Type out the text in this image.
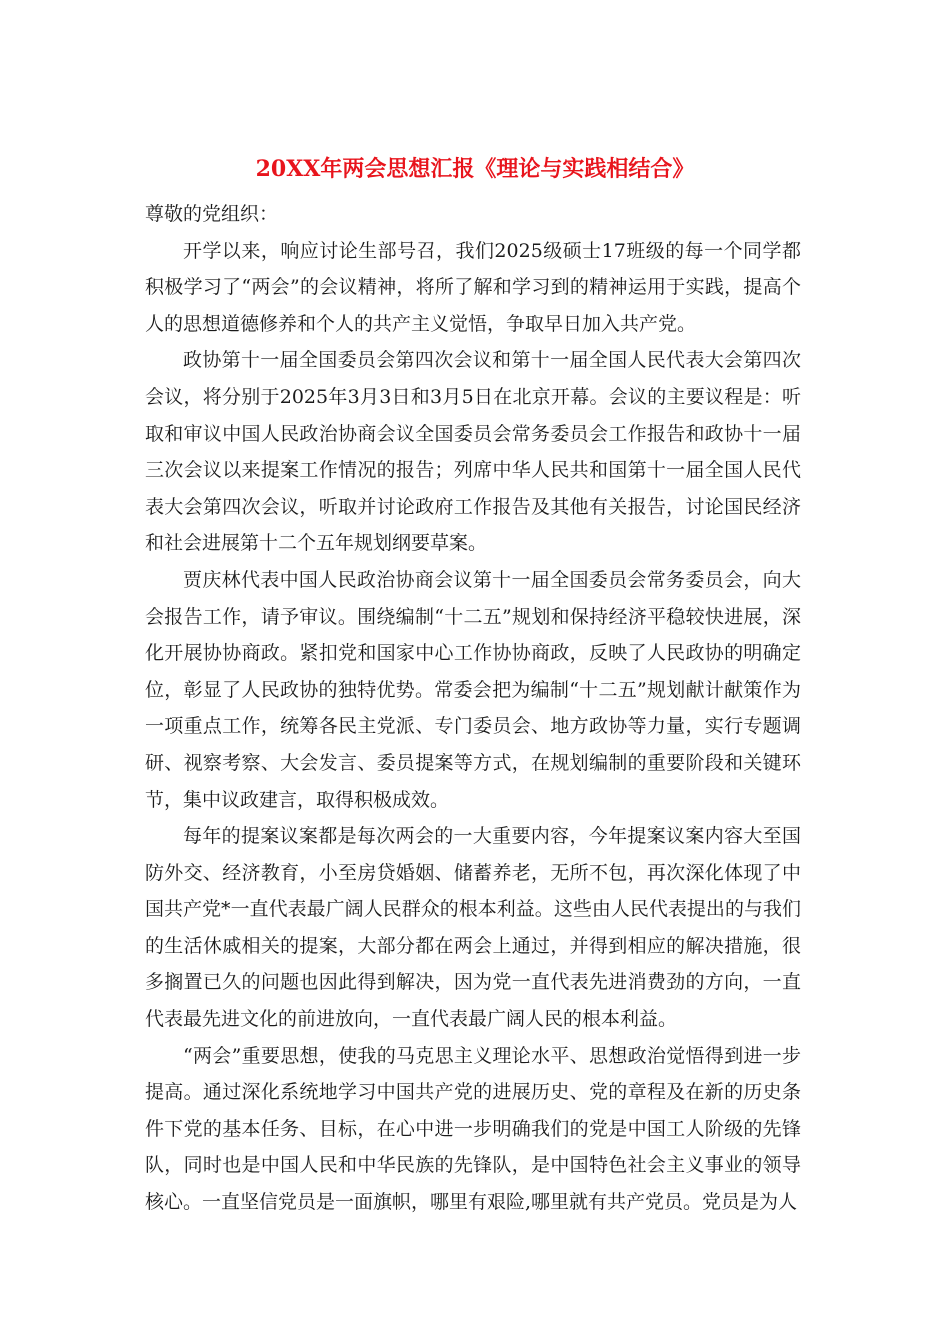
20XX年两会思想汇报《理论与实践相结合》

尊敬的党组织：

开学以来，响应讨论生部号召，我们2025级硕士17班级的每一个同学都积极学习了“两会”的会议精神，将所了解和学习到的精神运用于实践，提高个人的思想道德修养和个人的共产主义觉悟，争取早日加入共产党。

政协第十一届全国委员会第四次会议和第十一届全国人民代表大会第四次会议，将分别于2025年3月3日和3月5日在北京开幕。会议的主要议程是：听取和审议中国人民政治协商会议全国委员会常务委员会工作报告和政协十一届三次会议以来提案工作情况的报告；列席中华人民共和国第十一届全国人民代表大会第四次会议，听取并讨论政府工作报告及其他有关报告，讨论国民经济和社会进展第十二个五年规划纲要草案。

贾庆林代表中国人民政治协商会议第十一届全国委员会常务委员会，向大会报告工作，请予审议。围绕编制“十二五”规划和保持经济平稳较快进展，深化开展协协商政。紧扣党和国家中心工作协协商政，反映了人民政协的明确定位，彰显了人民政协的独特优势。常委会把为编制“十二五”规划献计献策作为一项重点工作，统筹各民主党派、专门委员会、地方政协等力量，实行专题调研、视察考察、大会发言、委员提案等方式，在规划编制的重要阶段和关键环节，集中议政建言，取得积极成效。

每年的提案议案都是每次两会的一大重要内容，今年提案议案内容大至国防外交、经济教育，小至房贷婚姻、储蓄养老，无所不包，再次深化体现了中国共产党*一直代表最广阔人民群众的根本利益。这些由人民代表提出的与我们的生活休戚相关的提案，大部分都在两会上通过，并得到相应的解决措施，很多搁置已久的问题也因此得到解决，因为党一直代表先进消费劲的方向，一直代表最先进文化的前进放向，一直代表最广阔人民的根本利益。

“两会”重要思想，使我的马克思主义理论水平、思想政治觉悟得到进一步提高。通过深化系统地学习中国共产党的进展历史、党的章程及在新的历史条件下党的基本任务、目标，在心中进一步明确我们的党是中国工人阶级的先锋队，同时也是中国人民和中华民族的先锋队，是中国特色社会主义事业的领导核心。一直坚信党员是一面旗帜，哪里有艰险,哪里就有共产党员。党员是为人
